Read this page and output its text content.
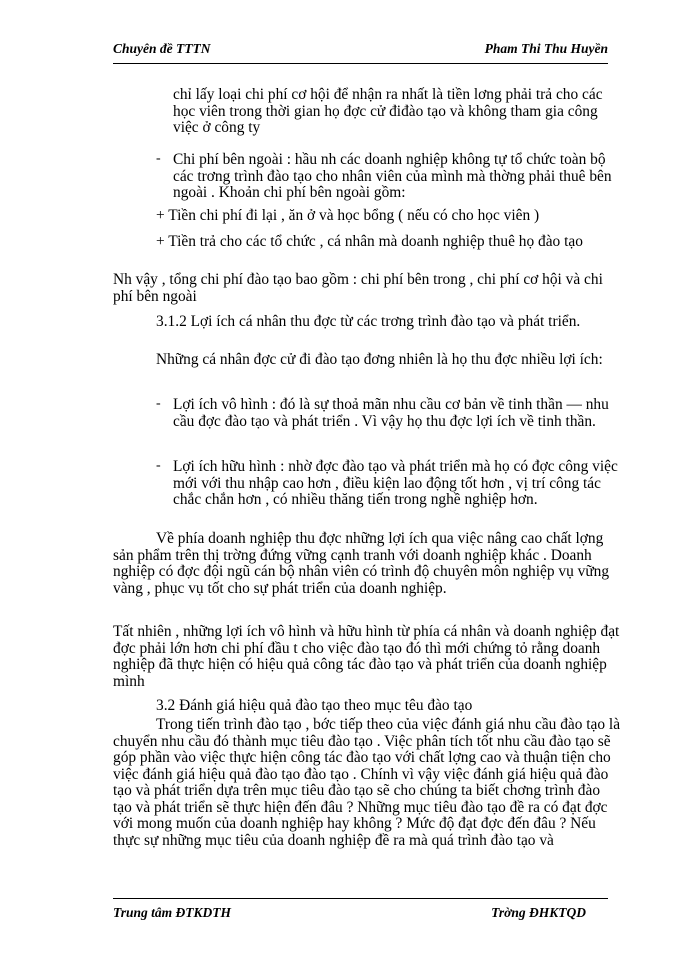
Chuyên đề TTTN	Pham Thi Thu Huyền
chỉ lấy loại chi phí cơ hội để nhận ra nhất là tiền lơng phải trả cho các học viên trong thời gian họ đợc cử điđào tạo và không tham gia công việc ở công ty
- Chi phí bên ngoài : hầu nh các doanh nghiệp không tự tổ chức toàn bộ các trơng trình đào tạo cho nhân viên của mình mà thờng phải thuê bên ngoài . Khoản chi phí bên ngoài gồm:
+ Tiền chi phí đi lại , ăn ở và học bổng ( nếu có cho học viên )
+ Tiền trả cho các tổ chức , cá nhân mà doanh nghiệp thuê họ đào tạo
Nh vậy , tổng chi phí đào tạo bao gồm : chi phí bên trong , chi phí cơ hội và chi phí bên ngoài
3.1.2 Lợi ích cá nhân thu đợc từ các trơng trình đào tạo và phát triển.
Những cá nhân đợc cử đi đào tạo đơng nhiên là họ thu đợc nhiều lợi ích:
- Lợi ích vô hình : đó là sự thoả mãn nhu cầu cơ bản về tinh thần — nhu cầu đợc đào tạo và phát triển . Vì vậy họ thu đợc lợi ích về tinh thần.
- Lợi ích hữu hình : nhờ đợc đào tạo và phát triển mà họ có đợc công việc mới với thu nhập cao hơn , điều kiện lao động tốt hơn , vị trí công tác chắc chắn hơn , có nhiều thăng tiến trong nghề nghiệp hơn.
Về phía doanh nghiệp thu đợc những lợi ích qua việc nâng cao chất lợng sản phẩm trên thị trờng đứng vững cạnh tranh với doanh nghiệp khác . Doanh nghiệp có đợc đội ngũ cán bộ nhân viên có trình độ chuyên môn nghiệp vụ vững vàng , phục vụ tốt cho sự phát triển của doanh nghiệp.
Tất nhiên , những lợi ích vô hình và hữu hình từ phía cá nhân và doanh nghiệp đạt đợc phải lớn hơn chi phí đầu t cho việc đào tạo đó thì mới chứng tỏ rằng doanh nghiệp đã thực hiện có hiệu quả công tác đào tạo và phát triển của doanh nghiệp mình
3.2 Đánh giá hiệu quả đào tạo theo mục têu đào tạo
Trong tiến trình đào tạo , bớc tiếp theo của việc đánh giá nhu cầu đào tạo là chuyển nhu cầu đó thành mục tiêu đào tạo . Việc phân tích tốt nhu cầu đào tạo sẽ góp phần vào việc thực hiện công tác đào tạo với chất lợng cao và thuận tiện cho việc đánh giá hiệu quả đào tạo đào tạo . Chính vì vậy việc đánh giá hiệu quả đào tạo và phát triển dựa trên mục tiêu đào tạo sẽ cho chúng ta biết chơng trình đào tạo và phát triển sẽ thực hiện đến đâu ? Những mục tiêu đào tạo đề ra có đạt đợc với mong muốn của doanh nghiệp hay không ? Mức độ đạt đợc đến đâu ? Nếu thực sự những mục tiêu của doanh nghiệp đề ra mà quá trình đào tạo và
Trung tâm ĐTKDTH	Trờng ĐHKTQD
